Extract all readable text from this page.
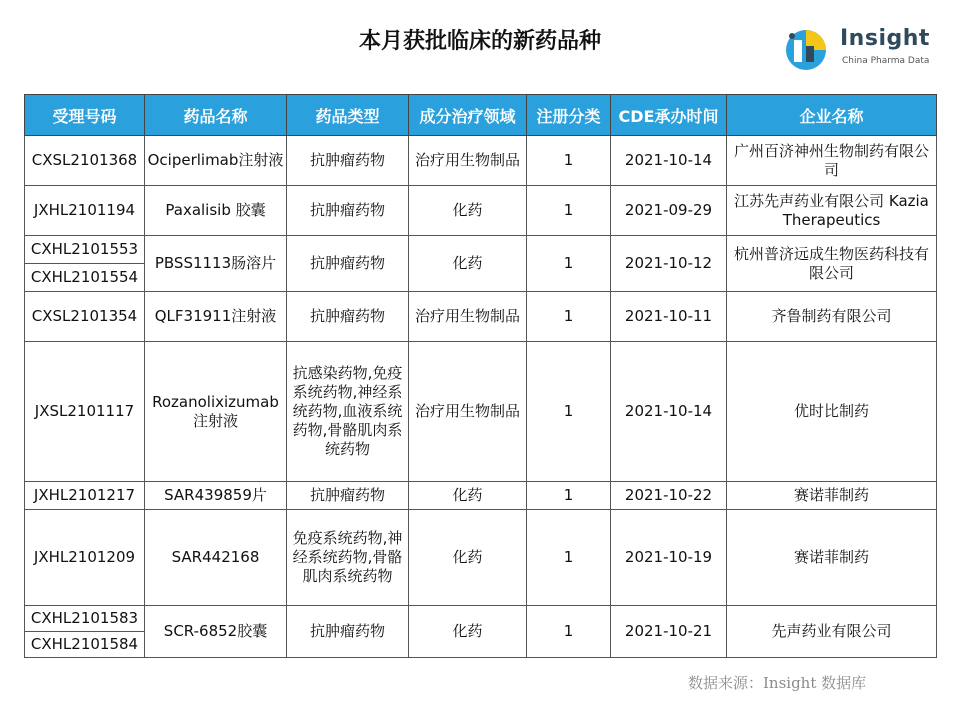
本月获批临床的新药品种	Insight
China Pharma Data
受理号码	药品名称	药品类型	成分治疗领域	注册分类	CDE承办时间	企业名称
CXSL2101368	Ociperlimab注射液	抗肿瘤药物	治疗用生物制品	1	2021-10-14	广州百济神州生物制药有限公司
JXHL2101194	Paxalisib 胶囊	抗肿瘤药物	化药	1	2021-09-29	江苏先声药业有限公司 Kazia Therapeutics
CXHL2101553	PBSS1113肠溶片	抗肿瘤药物	化药	1	2021-10-12	杭州普济远成生物医药科技有限公司
CXHL2101554						
CXSL2101354	QLF31911注射液	抗肿瘤药物	治疗用生物制品	1	2021-10-11	齐鲁制药有限公司
JXSL2101117	Rozanolixizumab注射液	抗感染药物,免疫系统药物,神经系统药物,血液系统药物,骨骼肌肉系统药物	治疗用生物制品	1	2021-10-14	优时比制药
JXHL2101217	SAR439859片	抗肿瘤药物	化药	1	2021-10-22	赛诺菲制药
JXHL2101209	SAR442168	免疫系统药物,神经系统药物,骨骼肌肉系统药物	化药	1	2021-10-19	赛诺菲制药
CXHL2101583	SCR-6852胶囊	抗肿瘤药物	化药	1	2021-10-21	先声药业有限公司
CXHL2101584						
数据来源：Insight 数据库
